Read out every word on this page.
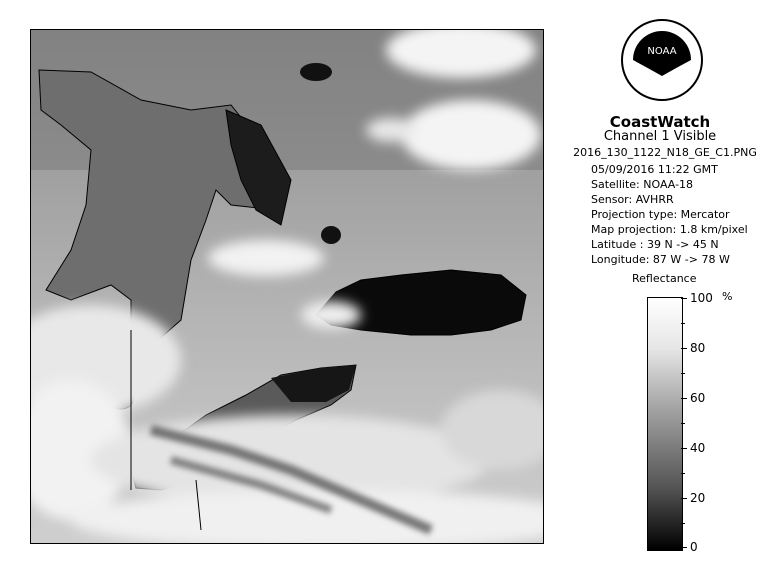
NOAA
CoastWatch
Channel 1 Visible
2016_130_1122_N18_GE_C1.PNG
05/09/2016 11:22 GMT
Satellite: NOAA-18
Sensor: AVHRR
Projection type: Mercator
Map projection: 1.8 km/pixel
Latitude : 39 N -> 45 N
Longitude: 87 W -> 78 W
Reflectance
%
100
80
60
40
20
0
